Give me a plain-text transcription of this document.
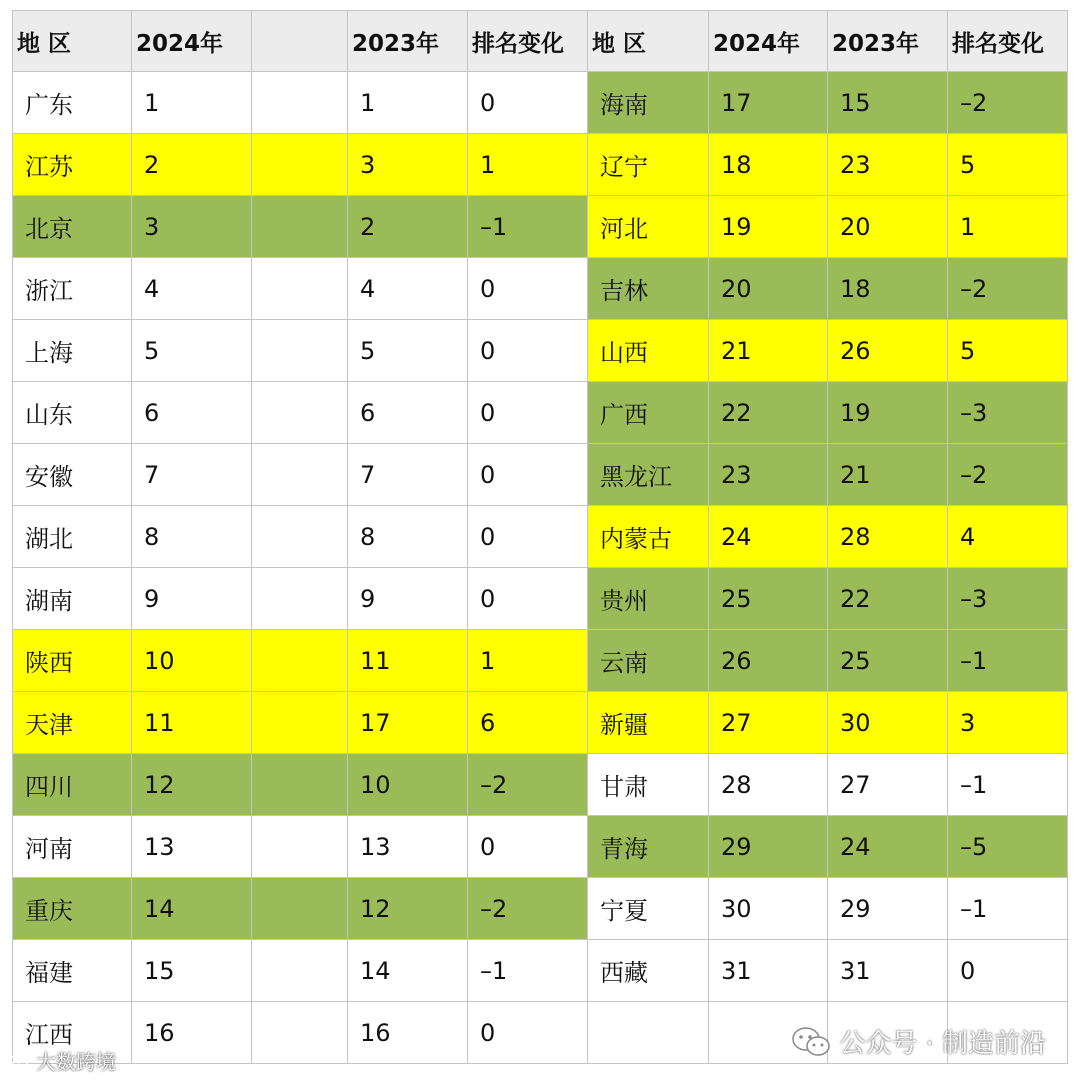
地 区	2024年		2023年	排名变化	地 区	2024年	2023年	排名变化
广东	1		1	0	海南	17	15	–2
江苏	2		3	1	辽宁	18	23	5
北京	3		2	–1	河北	19	20	1
浙江	4		4	0	吉林	20	18	–2
上海	5		5	0	山西	21	26	5
山东	6		6	0	广西	22	19	–3
安徽	7		7	0	黑龙江	23	21	–2
湖北	8		8	0	内蒙古	24	28	4
湖南	9		9	0	贵州	25	22	–3
陕西	10		11	1	云南	26	25	–1
天津	11		17	6	新疆	27	30	3
四川	12		10	–2	甘肃	28	27	–1
河南	13		13	0	青海	29	24	–5
重庆	14		12	–2	宁夏	30	29	–1
福建	15		14	–1	西藏	31	31	0
江西	16		16	0					公众号 · 制造前沿
大数跨境
